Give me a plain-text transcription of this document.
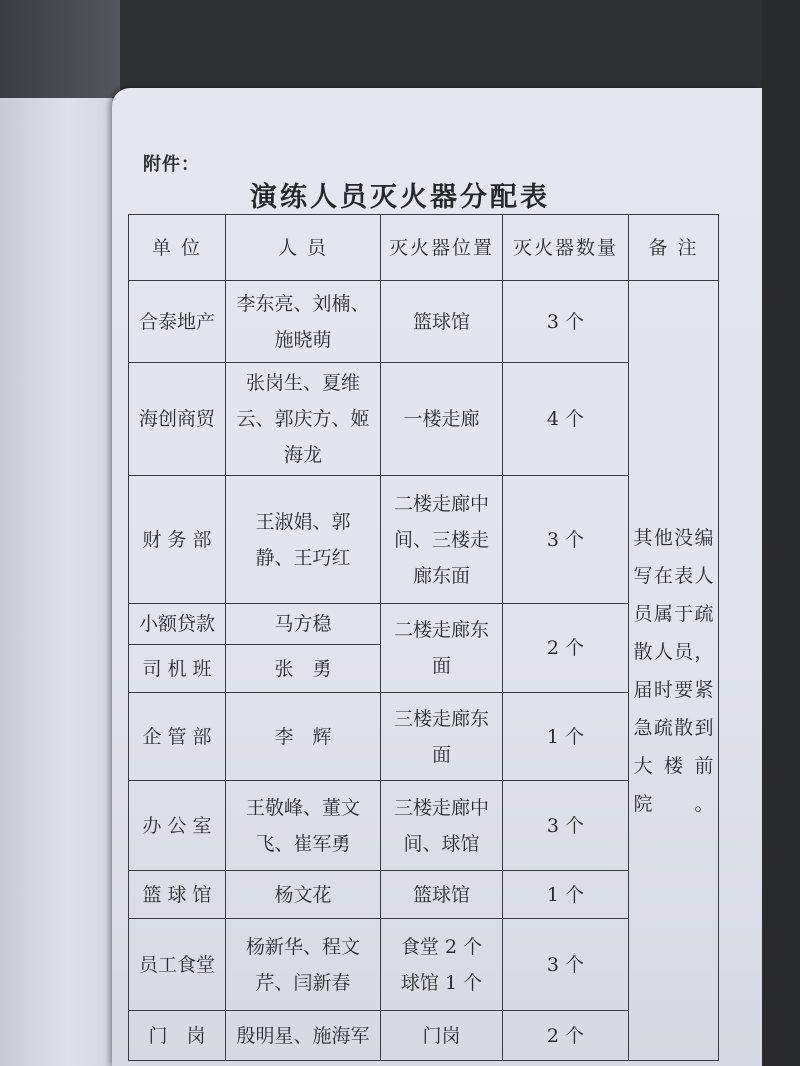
附件：
演练人员灭火器分配表
单 位	人 员	灭火器位置	灭火器数量	备 注
合泰地产	李东亮、刘楠、施晓萌	篮球馆	3 个	其他没编写在表人员属于疏散人员，届时要紧急疏散到大楼前院。
海创商贸	张岗生、夏维云、郭庆方、姬海龙	一楼走廊	4 个	
财 务 部	王淑娟、郭静、王巧红	二楼走廊中间、三楼走廊东面	3 个	
小额贷款	马方稳	二楼走廊东面	2 个	
司 机 班	张　勇			
企 管 部	李　辉	三楼走廊东面	1 个	
办 公 室	王敬峰、董文飞、崔军勇	三楼走廊中间、球馆	3 个	
篮 球 馆	杨文花	篮球馆	1 个	
员工食堂	杨新华、程文芹、闫新春	食堂 2 个 球馆 1 个	3 个	
门　岗	殷明星、施海军	门岗	2 个	
